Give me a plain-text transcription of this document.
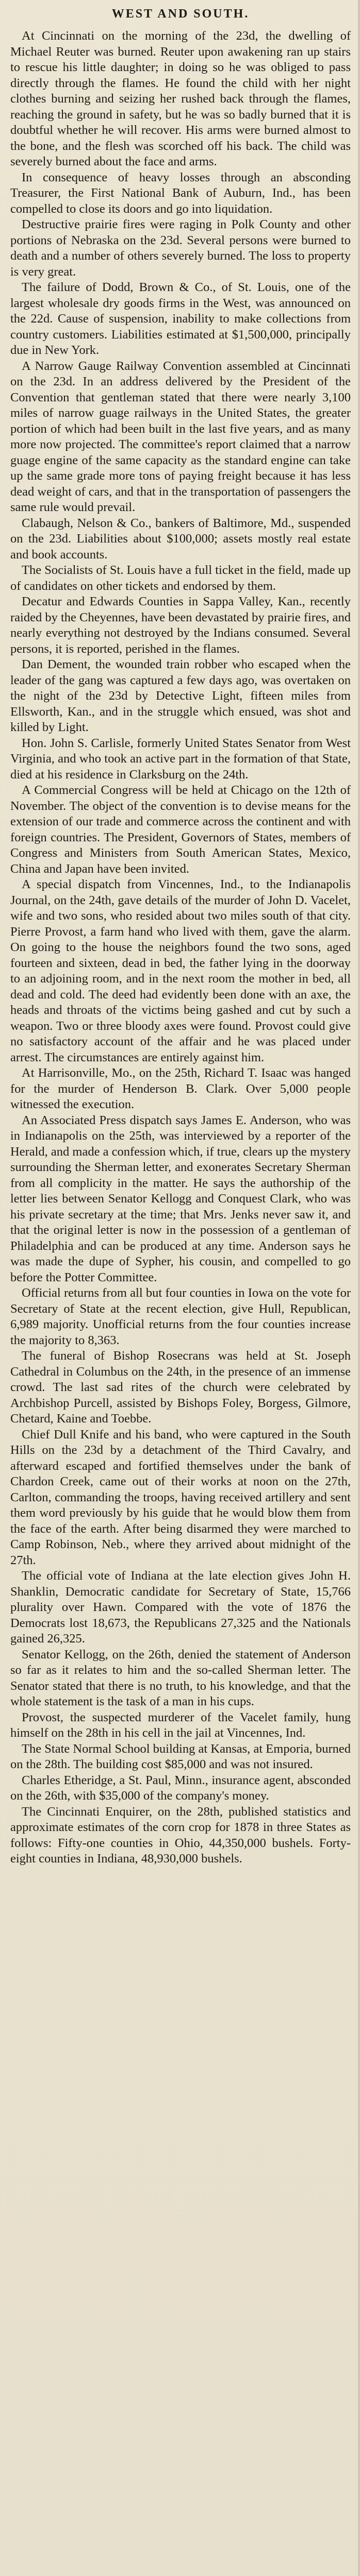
WEST AND SOUTH.

At Cincinnati on the morning of the 23d, the dwelling of Michael Reuter was burned. Reuter upon awakening ran up stairs to rescue his little daughter; in doing so he was obliged to pass directly through the flames. He found the child with her night clothes burning and seizing her rushed back through the flames, reaching the ground in safety, but he was so badly burned that it is doubtful whether he will recover. His arms were burned almost to the bone, and the flesh was scorched off his back. The child was severely burned about the face and arms.

In consequence of heavy losses through an absconding Treasurer, the First National Bank of Auburn, Ind., has been compelled to close its doors and go into liquidation.

Destructive prairie fires were raging in Polk County and other portions of Nebraska on the 23d. Several persons were burned to death and a number of others severely burned. The loss to property is very great.

The failure of Dodd, Brown & Co., of St. Louis, one of the largest wholesale dry goods firms in the West, was announced on the 22d. Cause of suspension, inability to make collections from country customers. Liabilities estimated at $1,500,000, principally due in New York.

A Narrow Gauge Railway Convention assembled at Cincinnati on the 23d. In an address delivered by the President of the Convention that gentleman stated that there were nearly 3,100 miles of narrow guage railways in the United States, the greater portion of which had been built in the last five years, and as many more now projected. The committee's report claimed that a narrow guage engine of the same capacity as the standard engine can take up the same grade more tons of paying freight because it has less dead weight of cars, and that in the transportation of passengers the same rule would prevail.

Clabaugh, Nelson & Co., bankers of Baltimore, Md., suspended on the 23d. Liabilities about $100,000; assets mostly real estate and book accounts.

The Socialists of St. Louis have a full ticket in the field, made up of candidates on other tickets and endorsed by them.

Decatur and Edwards Counties in Sappa Valley, Kan., recently raided by the Cheyennes, have been devastated by prairie fires, and nearly everything not destroyed by the Indians consumed. Several persons, it is reported, perished in the flames.

Dan Dement, the wounded train robber who escaped when the leader of the gang was captured a few days ago, was overtaken on the night of the 23d by Detective Light, fifteen miles from Ellsworth, Kan., and in the struggle which ensued, was shot and killed by Light.

Hon. John S. Carlisle, formerly United States Senator from West Virginia, and who took an active part in the formation of that State, died at his residence in Clarksburg on the 24th.

A Commercial Congress will be held at Chicago on the 12th of November. The object of the convention is to devise means for the extension of our trade and commerce across the continent and with foreign countries. The President, Governors of States, members of Congress and Ministers from South American States, Mexico, China and Japan have been invited.

A special dispatch from Vincennes, Ind., to the Indianapolis Journal, on the 24th, gave details of the murder of John D. Vacelet, wife and two sons, who resided about two miles south of that city. Pierre Provost, a farm hand who lived with them, gave the alarm. On going to the house the neighbors found the two sons, aged fourteen and sixteen, dead in bed, the father lying in the doorway to an adjoining room, and in the next room the mother in bed, all dead and cold. The deed had evidently been done with an axe, the heads and throats of the victims being gashed and cut by such a weapon. Two or three bloody axes were found. Provost could give no satisfactory account of the affair and he was placed under arrest. The circumstances are entirely against him.

At Harrisonville, Mo., on the 25th, Richard T. Isaac was hanged for the murder of Henderson B. Clark. Over 5,000 people witnessed the execution.

An Associated Press dispatch says James E. Anderson, who was in Indianapolis on the 25th, was interviewed by a reporter of the Herald, and made a confession which, if true, clears up the mystery surrounding the Sherman letter, and exonerates Secretary Sherman from all complicity in the matter. He says the authorship of the letter lies between Senator Kellogg and Conquest Clark, who was his private secretary at the time; that Mrs. Jenks never saw it, and that the original letter is now in the possession of a gentleman of Philadelphia and can be produced at any time. Anderson says he was made the dupe of Sypher, his cousin, and compelled to go before the Potter Committee.

Official returns from all but four counties in Iowa on the vote for Secretary of State at the recent election, give Hull, Republican, 6,989 majority. Unofficial returns from the four counties increase the majority to 8,363.

The funeral of Bishop Rosecrans was held at St. Joseph Cathedral in Columbus on the 24th, in the presence of an immense crowd. The last sad rites of the church were celebrated by Archbishop Purcell, assisted by Bishops Foley, Borgess, Gilmore, Chetard, Kaine and Toebbe.

Chief Dull Knife and his band, who were captured in the South Hills on the 23d by a detachment of the Third Cavalry, and afterward escaped and fortified themselves under the bank of Chardon Creek, came out of their works at noon on the 27th, Carlton, commanding the troops, having received artillery and sent them word previously by his guide that he would blow them from the face of the earth. After being disarmed they were marched to Camp Robinson, Neb., where they arrived about midnight of the 27th.

The official vote of Indiana at the late election gives John H. Shanklin, Democratic candidate for Secretary of State, 15,766 plurality over Hawn. Compared with the vote of 1876 the Democrats lost 18,673, the Republicans 27,325 and the Nationals gained 26,325.

Senator Kellogg, on the 26th, denied the statement of Anderson so far as it relates to him and the so-called Sherman letter. The Senator stated that there is no truth, to his knowledge, and that the whole statement is the task of a man in his cups.

Provost, the suspected murderer of the Vacelet family, hung himself on the 28th in his cell in the jail at Vincennes, Ind.

The State Normal School building at Kansas, at Emporia, burned on the 28th. The building cost $85,000 and was not insured.

Charles Etheridge, a St. Paul, Minn., insurance agent, absconded on the 26th, with $35,000 of the company's money.

The Cincinnati Enquirer, on the 28th, published statistics and approximate estimates of the corn crop for 1878 in three States as follows: Fifty-one counties in Ohio, 44,350,000 bushels. Forty-eight counties in Indiana, 48,930,000 bushels.
